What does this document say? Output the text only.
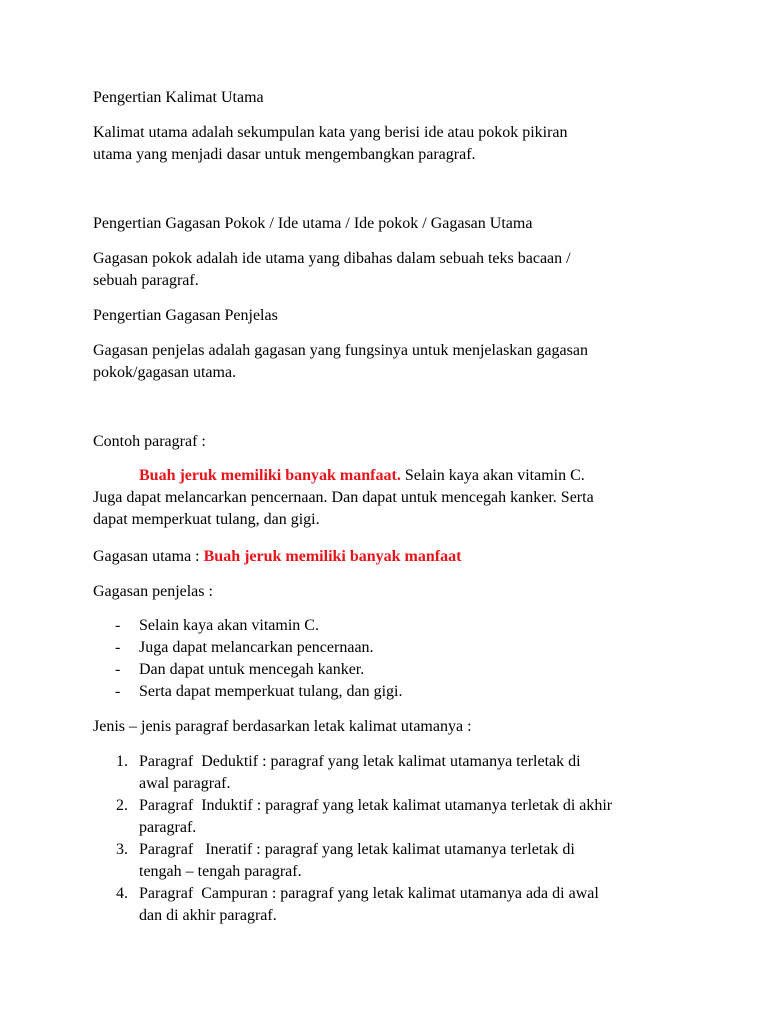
Pengertian Kalimat Utama

Kalimat utama adalah sekumpulan kata yang berisi ide atau pokok pikiran
utama yang menjadi dasar untuk mengembangkan paragraf.

Pengertian Gagasan Pokok / Ide utama / Ide pokok / Gagasan Utama

Gagasan pokok adalah ide utama yang dibahas dalam sebuah teks bacaan /
sebuah paragraf.

Pengertian Gagasan Penjelas

Gagasan penjelas adalah gagasan yang fungsinya untuk menjelaskan gagasan
pokok/gagasan utama.

Contoh paragraf :

Buah jeruk memiliki banyak manfaat. Selain kaya akan vitamin C.
Juga dapat melancarkan pencernaan. Dan dapat untuk mencegah kanker. Serta
dapat memperkuat tulang, dan gigi.

Gagasan utama : Buah jeruk memiliki banyak manfaat

Gagasan penjelas :

- Selain kaya akan vitamin C.
- Juga dapat melancarkan pencernaan.
- Dan dapat untuk mencegah kanker.
- Serta dapat memperkuat tulang, dan gigi.

Jenis – jenis paragraf berdasarkan letak kalimat utamanya :

1. Paragraf  Deduktif : paragraf yang letak kalimat utamanya terletak di
awal paragraf.
2. Paragraf  Induktif : paragraf yang letak kalimat utamanya terletak di akhir
paragraf.
3. Paragraf   Ineratif : paragraf yang letak kalimat utamanya terletak di
tengah – tengah paragraf.
4. Paragraf  Campuran : paragraf yang letak kalimat utamanya ada di awal
dan di akhir paragraf.
